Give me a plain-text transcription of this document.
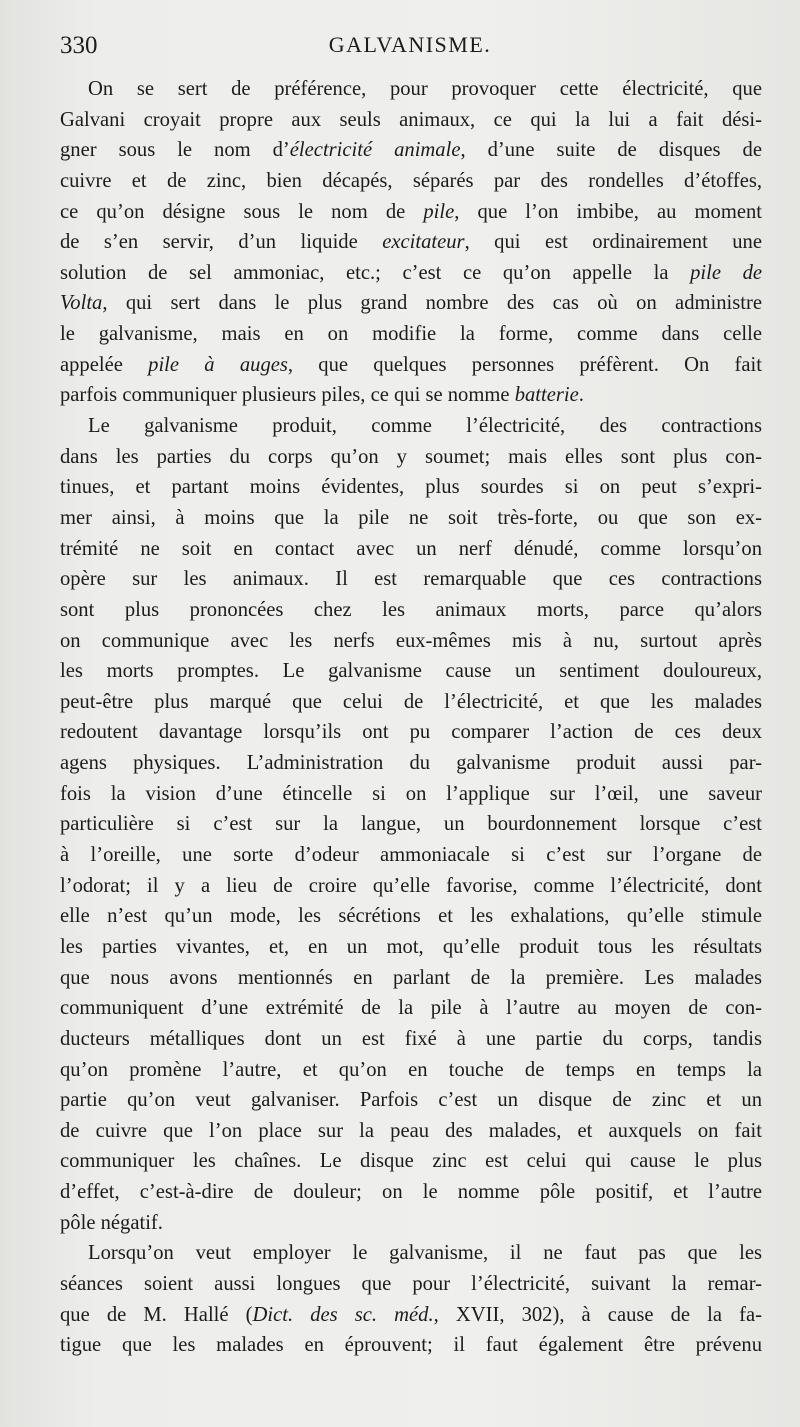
330	GALVANISME.
On se sert de préférence, pour provoquer cette électricité, que
Galvani croyait propre aux seuls animaux, ce qui la lui a fait dési-
gner sous le nom d’électricité animale, d’une suite de disques de
cuivre et de zinc, bien décapés, séparés par des rondelles d’étoffes,
ce qu’on désigne sous le nom de pile, que l’on imbibe, au moment
de s’en servir, d’un liquide excitateur, qui est ordinairement une
solution de sel ammoniac, etc.; c’est ce qu’on appelle la pile de
Volta, qui sert dans le plus grand nombre des cas où on administre
le galvanisme, mais en on modifie la forme, comme dans celle
appelée pile à auges, que quelques personnes préfèrent. On fait
parfois communiquer plusieurs piles, ce qui se nomme batterie.
Le galvanisme produit, comme l’électricité, des contractions
dans les parties du corps qu’on y soumet; mais elles sont plus con-
tinues, et partant moins évidentes, plus sourdes si on peut s’expri-
mer ainsi, à moins que la pile ne soit très-forte, ou que son ex-
trémité ne soit en contact avec un nerf dénudé, comme lorsqu’on
opère sur les animaux. Il est remarquable que ces contractions
sont plus prononcées chez les animaux morts, parce qu’alors
on communique avec les nerfs eux-mêmes mis à nu, surtout après
les morts promptes. Le galvanisme cause un sentiment douloureux,
peut-être plus marqué que celui de l’électricité, et que les malades
redoutent davantage lorsqu’ils ont pu comparer l’action de ces deux
agens physiques. L’administration du galvanisme produit aussi par-
fois la vision d’une étincelle si on l’applique sur l’œil, une saveur
particulière si c’est sur la langue, un bourdonnement lorsque c’est
à l’oreille, une sorte d’odeur ammoniacale si c’est sur l’organe de
l’odorat; il y a lieu de croire qu’elle favorise, comme l’électricité, dont
elle n’est qu’un mode, les sécrétions et les exhalations, qu’elle stimule
les parties vivantes, et, en un mot, qu’elle produit tous les résultats
que nous avons mentionnés en parlant de la première. Les malades
communiquent d’une extrémité de la pile à l’autre au moyen de con-
ducteurs métalliques dont un est fixé à une partie du corps, tandis
qu’on promène l’autre, et qu’on en touche de temps en temps la
partie qu’on veut galvaniser. Parfois c’est un disque de zinc et un
de cuivre que l’on place sur la peau des malades, et auxquels on fait
communiquer les chaînes. Le disque zinc est celui qui cause le plus
d’effet, c’est-à-dire de douleur; on le nomme pôle positif, et l’autre
pôle négatif.
Lorsqu’on veut employer le galvanisme, il ne faut pas que les
séances soient aussi longues que pour l’électricité, suivant la remar-
que de M. Hallé (Dict. des sc. méd., XVII, 302), à cause de la fa-
tigue que les malades en éprouvent; il faut également être prévenu
